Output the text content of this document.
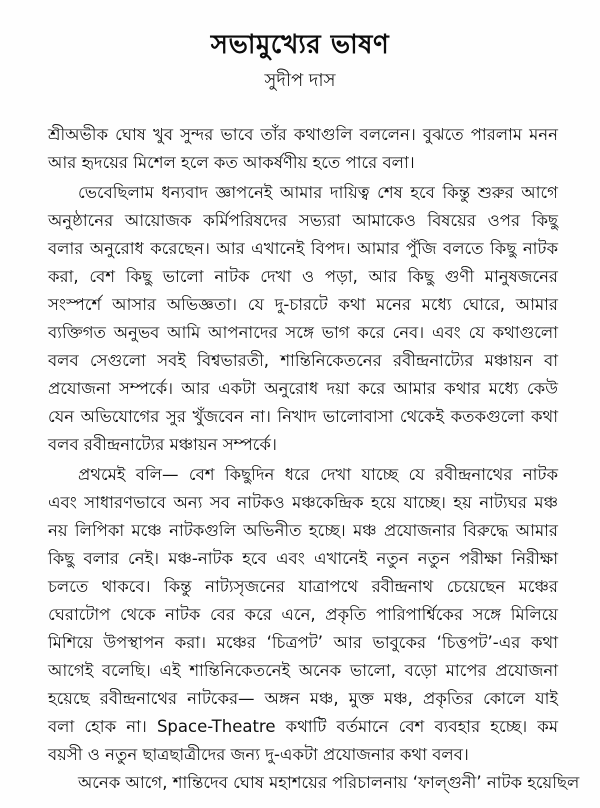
সভামুখ্যের ভাষণ
সুদীপ দাস
শ্রীঅভীক ঘোষ খুব সুন্দর ভাবে তাঁর কথাগুলি বললেন। বুঝতে পারলাম মনন
আর হৃদয়ের মিশেল হলে কত আকর্ষণীয় হতে পারে বলা।
ভেবেছিলাম ধন্যবাদ জ্ঞাপনেই আমার দায়িত্ব শেষ হবে কিন্তু শুরুর আগে
অনুষ্ঠানের আয়োজক কর্মিপরিষদের সভ্যরা আমাকেও বিষয়ের ওপর কিছু
বলার অনুরোধ করেছেন। আর এখানেই বিপদ। আমার পুঁজি বলতে কিছু নাটক
করা, বেশ কিছু ভালো নাটক দেখা ও পড়া, আর কিছু গুণী মানুষজনের
সংস্পর্শে আসার অভিজ্ঞতা। যে দু-চারটে কথা মনের মধ্যে ঘোরে, আমার
ব্যক্তিগত অনুভব আমি আপনাদের সঙ্গে ভাগ করে নেব। এবং যে কথাগুলো
বলব সেগুলো সবই বিশ্বভারতী, শান্তিনিকেতনের রবীন্দ্রনাট্যের মঞ্চায়ন বা
প্রযোজনা সম্পর্কে। আর একটা অনুরোধ দয়া করে আমার কথার মধ্যে কেউ
যেন অভিযোগের সুর খুঁজবেন না। নিখাদ ভালোবাসা থেকেই কতকগুলো কথা
বলব রবীন্দ্রনাট্যের মঞ্চায়ন সম্পর্কে।
প্রথমেই বলি— বেশ কিছুদিন ধরে দেখা যাচ্ছে যে রবীন্দ্রনাথের নাটক
এবং সাধারণভাবে অন্য সব নাটকও মঞ্চকেন্দ্রিক হয়ে যাচ্ছে। হয় নাট্যঘর মঞ্চ
নয় লিপিকা মঞ্চে নাটকগুলি অভিনীত হচ্ছে। মঞ্চ প্রযোজনার বিরুদ্ধে আমার
কিছু বলার নেই। মঞ্চ-নাটক হবে এবং এখানেই নতুন নতুন পরীক্ষা নিরীক্ষা
চলতে থাকবে। কিন্তু নাট্যসৃজনের যাত্রাপথে রবীন্দ্রনাথ চেয়েছেন মঞ্চের
ঘেরাটোপ থেকে নাটক বের করে এনে, প্রকৃতি পারিপার্শ্বিকের সঙ্গে মিলিয়ে
মিশিয়ে উপস্থাপন করা। মঞ্চের ‘চিত্রপট’ আর ভাবুকের ‘চিত্তপট’-এর কথা
আগেই বলেছি। এই শান্তিনিকেতনেই অনেক ভালো, বড়ো মাপের প্রযোজনা
হয়েছে রবীন্দ্রনাথের নাটকের— অঙ্গন মঞ্চ, মুক্ত মঞ্চ, প্রকৃতির কোলে যাই
বলা হোক না। Space-Theatre কথাটি বর্তমানে বেশ ব্যবহার হচ্ছে। কম
বয়সী ও নতুন ছাত্রছাত্রীদের জন্য দু-একটা প্রযোজনার কথা বলব।
অনেক আগে, শান্তিদেব ঘোষ মহাশয়ের পরিচালনায় ‘ফাল্গুনী’ নাটক হয়েছিল
